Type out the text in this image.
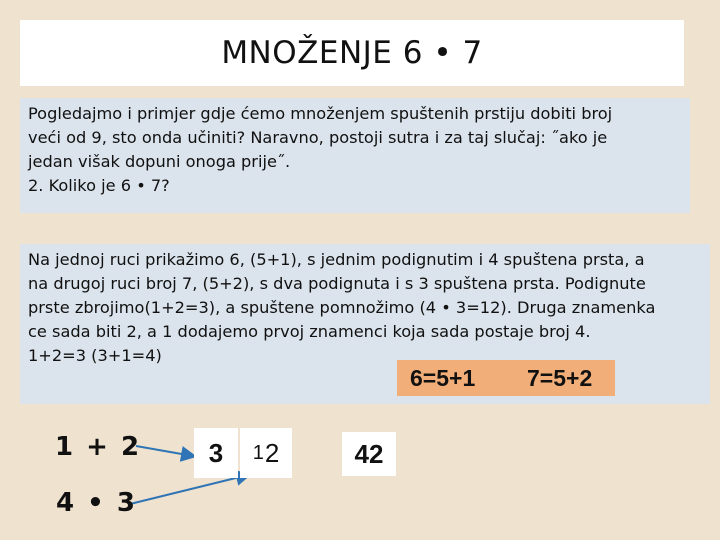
MNOŽENJE 6 • 7

Pogledajmo i primjer gdje ćemo množenjem spuštenih prstiju dobiti broj

veći od 9, sto onda učiniti? Naravno, postoji sutra i za taj slučaj: ˝ako je

jedan višak dopuni onoga prije˝.

2. Koliko je 6 • 7?

Na jednoj ruci prikažimo 6, (5+1), s jednim podignutim i 4 spuštena prsta, a

na drugoj ruci broj 7, (5+2), s dva podignuta i s 3 spuštena prsta. Podignute

prste zbrojimo(1+2=3), a spuštene pomnožimo (4 • 3=12). Druga znamenka

ce sada biti 2, a 1 dodajemo prvoj znamenci koja sada postaje broj 4.

1+2=3 (3+1=4)

6=5+1 7=5+2
1 + 2
4 • 3
3 1 2	42
